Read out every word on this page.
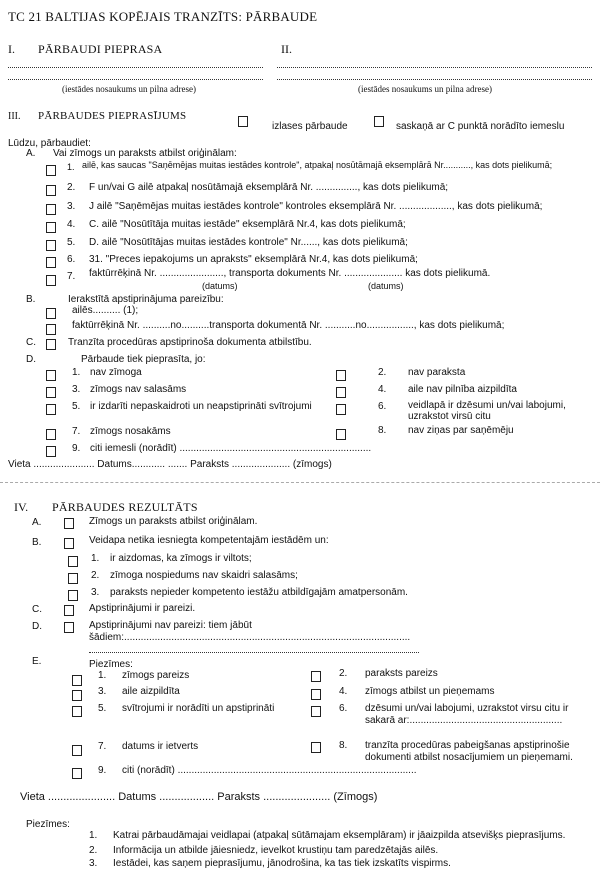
TC 21 BALTIJAS KOPĒJAIS TRANZĪTS: PĀRBAUDE
I. PĀRBAUDI PIEPRASA	II.
(iestādes nosaukums un pilna adrese)	(iestādes nosaukums un pilna adrese)
III. PĀRBAUDES PIEPRASĪJUMS
izlases pārbaude	saskaņā ar C punktā norādīto iemeslu
Lūdzu, pārbaudiet:
A. Vai zīmogs un paraksts atbilst oriģinālam:
1. ailē, kas saucas "Saņēmējas muitas iestādes kontrole", atpakaļ nosūtāmajā eksemplārā Nr..........., kas dots pielikumā;
2. F un/vai G ailē atpakaļ nosūtāmajā eksemplārā Nr. ..............., kas dots pielikumā;
3. J ailē "Saņēmējas muitas iestādes kontrole" kontroles eksemplārā Nr. ..................., kas dots pielikumā;
4. C. ailē "Nosūtītāja muitas iestāde" eksemplārā Nr.4, kas dots pielikumā;
5. D. ailē "Nosūtītājas muitas iestādes kontrole" Nr......, kas dots pielikumā;
6. 31. "Preces iepakojums un apraksts" eksemplārā Nr.4, kas dots pielikumā;
7. faktūrrēķinā Nr. ......................., transporta dokuments Nr. ..................... kas dots pielikumā.
(datums)	(datums)
B.	Ierakstītā apstiprinājuma pareizību:
ailēs.......... (1);
faktūrrēķinā Nr. ..........no..........transporta dokumentā Nr. ...........no................., kas dots pielikumā;
C.	Tranzīta procedūras apstiprinoša dokumenta atbilstību.
D.	Pārbaude tiek pieprasīta, jo:
1. nav zīmoga	2. nav paraksta
3. zīmogs nav salasāms	4. aile nav pilnība aizpildīta
5. ir izdarīti nepaskaidroti un neapstiprināti svītrojumi	6. veidlapā ir dzēsumi un/vai labojumi,
uzrakstot virsū citu
7. zīmogs nosakāms	8. nav ziņas par saņēmēju
9. citi iemesli (norādīt) .....................................................................
Vieta ...................... Datums............ ....... Paraksts ..................... (zīmogs)
IV. PĀRBAUDES REZULTĀTS
A.	Zīmogs un paraksts atbilst oriģinālam.
B.	Veidapa netika iesniegta kompetentajām iestādēm un:
1. ir aizdomas, ka zīmogs ir viltots;
2. zīmoga nospiedums nav skaidri salasāms;
3. paraksts nepieder kompetento iestāžu atbildīgajām amatpersonām.
C.	Apstiprinājumi ir pareizi.
D.	Apstiprinājumi nav pareizi: tiem jābūt
šādiem:.......................................................................................................
E.	Piezīmes:
1. zīmogs pareizs	2. paraksts pareizs
3. aile aizpildīta	4. zīmogs atbilst un pieņemams
5. svītrojumi ir norādīti un apstiprināti	6. dzēsumi un/vai labojumi, uzrakstot virsu citu ir
sakarā ar:.......................................................
7. datums ir ietverts	8. tranzīta procedūras pabeigšanas apstiprinošie
dokumenti atbilst nosacījumiem un pieņemami.
9. citi (norādīt) ......................................................................................
Vieta ...................... Datums .................. Paraksts ...................... (Zīmogs)
Piezīmes:
1. Katrai pārbaudāmajai veidlapai (atpakaļ sūtāmajam eksemplāram) ir jāaizpilda atsevišķs pieprasījums.
2. Informācija un atbilde jāiesniedz, ievelkot krustiņu tam paredzētajās ailēs.
3. Iestādei, kas saņem pieprasījumu, jānodrošina, ka tas tiek izskatīts vispirms.
